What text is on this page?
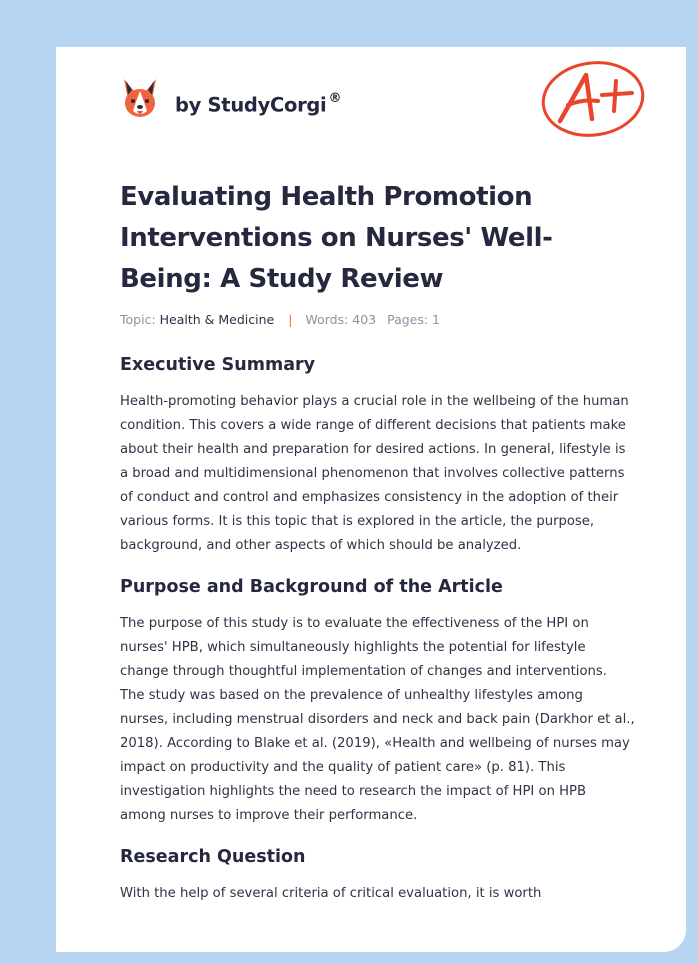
by StudyCorgi ®
Evaluating Health Promotion Interventions on Nurses' Well-Being: A Study Review
Topic: Health & Medicine | Words: 403 Pages: 1
Executive Summary

Health-promoting behavior plays a crucial role in the wellbeing of the human condition. This covers a wide range of different decisions that patients make about their health and preparation for desired actions. In general, lifestyle is a broad and multidimensional phenomenon that involves collective patterns of conduct and control and emphasizes consistency in the adoption of their various forms. It is this topic that is explored in the article, the purpose, background, and other aspects of which should be analyzed.

Purpose and Background of the Article

The purpose of this study is to evaluate the effectiveness of the HPI on nurses' HPB, which simultaneously highlights the potential for lifestyle change through thoughtful implementation of changes and interventions. The study was based on the prevalence of unhealthy lifestyles among nurses, including menstrual disorders and neck and back pain (Darkhor et al., 2018). According to Blake et al. (2019), «Health and wellbeing of nurses may impact on productivity and the quality of patient care» (p. 81). This investigation highlights the need to research the impact of HPI on HPB among nurses to improve their performance.

Research Question

With the help of several criteria of critical evaluation, it is worth
